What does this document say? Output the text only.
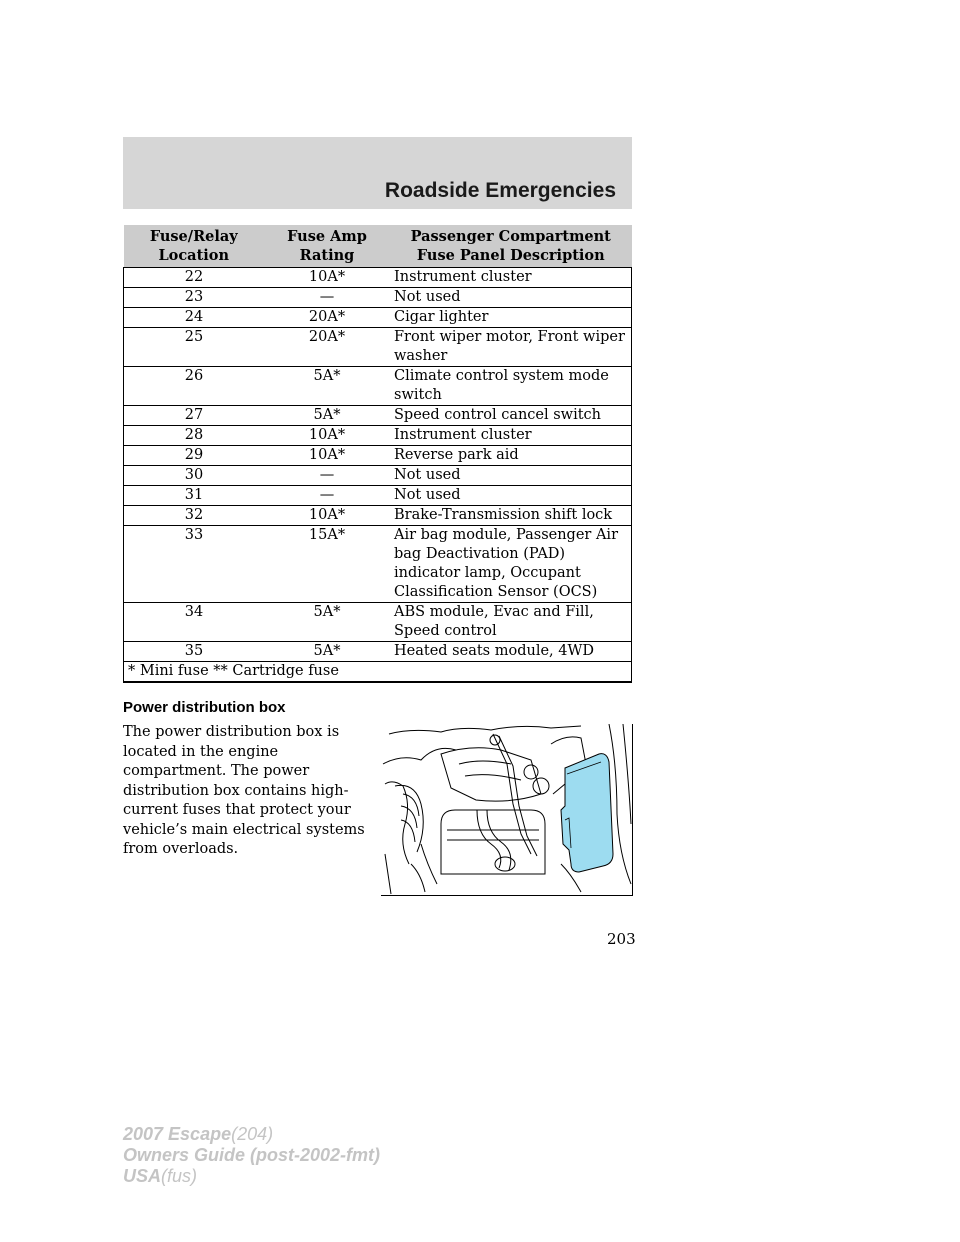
Roadside Emergencies
Fuse/Relay Location	Fuse Amp Rating	Passenger Compartment Fuse Panel Description
22	10A*	Instrument cluster
23	—	Not used
24	20A*	Cigar lighter
25	20A*	Front wiper motor, Front wiper washer
26	5A*	Climate control system mode switch
27	5A*	Speed control cancel switch
28	10A*	Instrument cluster
29	10A*	Reverse park aid
30	—	Not used
31	—	Not used
32	10A*	Brake-Transmission shift lock
33	15A*	Air bag module, Passenger Air bag Deactivation (PAD) indicator lamp, Occupant Classification Sensor (OCS)
34	5A*	ABS module, Evac and Fill, Speed control
35	5A*	Heated seats module, 4WD
* Mini fuse ** Cartridge fuse		
Power distribution box
The power distribution box is located in the engine compartment. The power distribution box contains high-current fuses that protect your vehicle’s main electrical systems from overloads.
203
2007 Escape(204)
Owners Guide (post-2002-fmt)
USA(fus)
